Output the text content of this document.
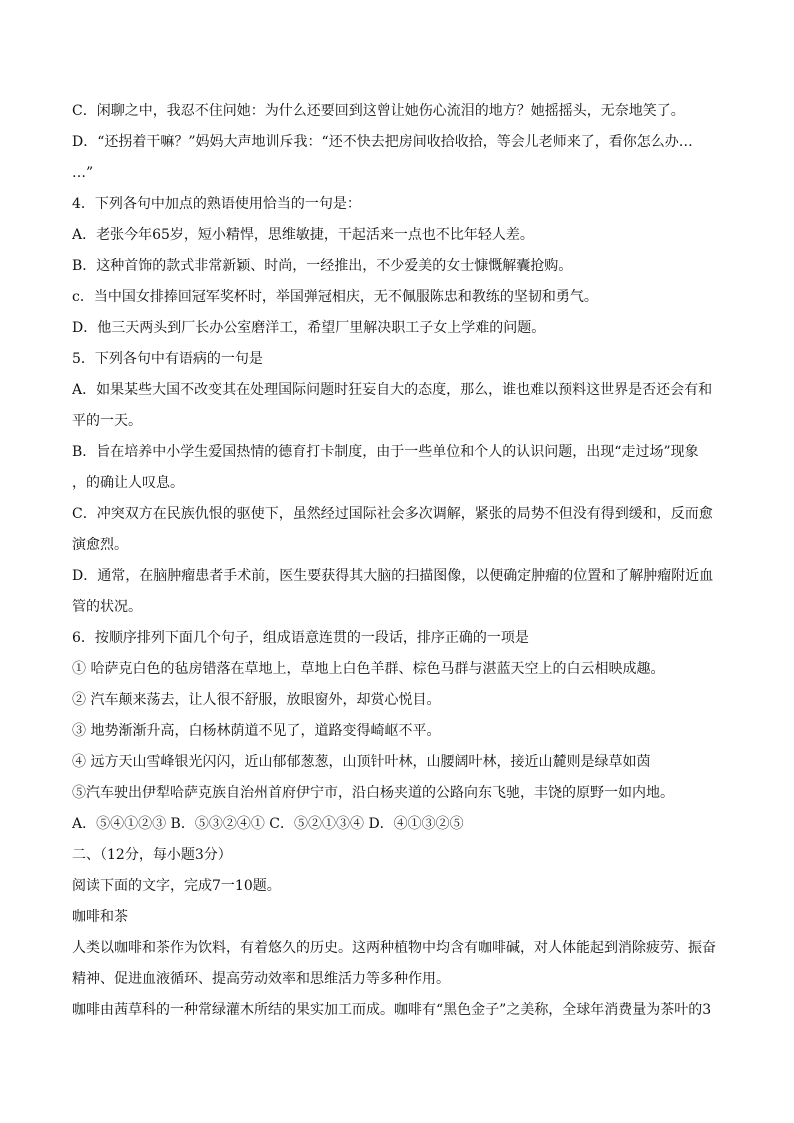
C．闲聊之中，我忍不住问她：为什么还要回到这曾让她伤心流泪的地方？她摇摇头，无奈地笑了。
D．“还拐着干嘛？”妈妈大声地训斥我：“还不快去把房间收拾收拾，等会儿老师来了，看你怎么办…
…”
4．下列各句中加点的熟语使用恰当的一句是：
A．老张今年65岁，短小精悍，思维敏捷，干起活来一点也不比年轻人差。
B．这种首饰的款式非常新颖、时尚，一经推出，不少爱美的女士慷慨解囊抢购。
c．当中国女排捧回冠军奖杯时，举国弹冠相庆，无不佩服陈忠和教练的坚韧和勇气。
D．他三天两头到厂长办公室磨洋工，希望厂里解决职工子女上学难的问题。
5．下列各句中有语病的一句是
A．如果某些大国不改变其在处理国际问题时狂妄自大的态度，那么，谁也难以预料这世界是否还会有和
平的一天。
B．旨在培养中小学生爱国热情的德育打卡制度，由于一些单位和个人的认识问题，出现“走过场”现象
，的确让人叹息。
C．冲突双方在民族仇恨的驱使下，虽然经过国际社会多次调解，紧张的局势不但没有得到缓和，反而愈
演愈烈。
D．通常，在脑肿瘤患者手术前，医生要获得其大脑的扫描图像，以便确定肿瘤的位置和了解肿瘤附近血
管的状况。
6．按顺序排列下面几个句子，组成语意连贯的一段话，排序正确的一项是
① 哈萨克白色的毡房错落在草地上，草地上白色羊群、棕色马群与湛蓝天空上的白云相映成趣。
② 汽车颠来荡去，让人很不舒服，放眼窗外，却赏心悦目。
③ 地势渐渐升高，白杨林荫道不见了，道路变得崎岖不平。
④ 远方天山雪峰银光闪闪，近山郁郁葱葱，山顶针叶林，山腰阔叶林，接近山麓则是绿草如茵
⑤汽车驶出伊犁哈萨克族自治州首府伊宁市，沿白杨夹道的公路向东飞驰，丰饶的原野一如内地。
A．⑤④①②③ B．⑤③②④① C．⑤②①③④ D．④①③②⑤
二、（12分，每小题3分）
阅读下面的文字，完成7一10题。
咖啡和茶
人类以咖啡和茶作为饮料，有着悠久的历史。这两种植物中均含有咖啡碱，对人体能起到消除疲劳、振奋
精神、促进血液循环、提高劳动效率和思维活力等多种作用。
咖啡由茜草科的一种常绿灌木所结的果实加工而成。咖啡有“黑色金子”之美称，全球年消费量为茶叶的3
